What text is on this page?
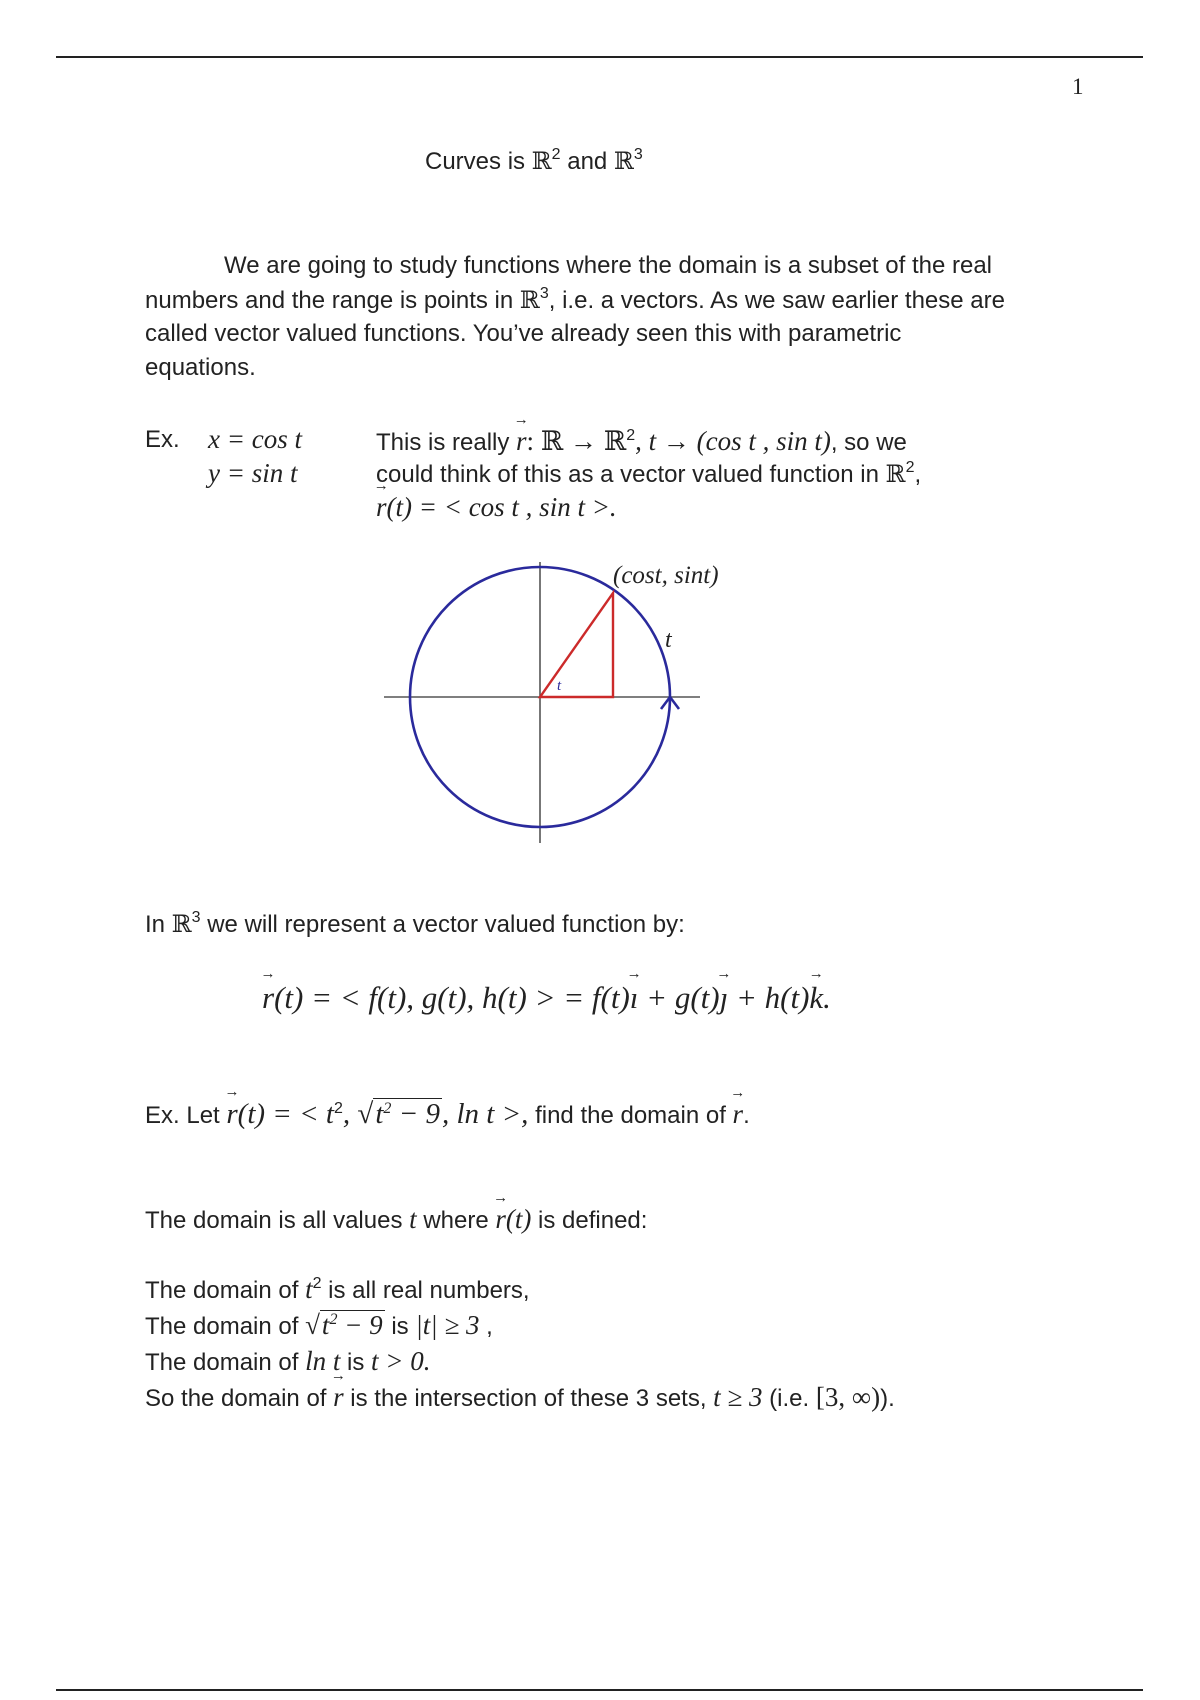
1
Curves is ℝ$^2$ and ℝ$^3$
We are going to study functions where the domain is a subset of the real
numbers and the range is points in ℝ$^3$, i.e. a vectors. As we saw earlier these are
called vector valued functions. You’ve already seen this with parametric
equations.
Ex. x = cos t
y = sin t
This is really → r: ℝ → ℝ$^2$, t → (cos t , sin t), so we
could think of this as a vector valued function in ℝ$^2$,
→ r(t) = < cos t , sin t >.
(cost, sint)
t
t
In ℝ$^3$ we will represent a vector valued function by:
→ r(t) = < f(t), g(t), h(t) > = f(t)→ ı + g(t)→ ȷ + h(t)→ k.
Ex. Let → r(t) = < $t^2$, $√t^2 - 9$, ln t >, find the domain of → r.
The domain is all values t where → r(t) is defined:
The domain of $t^2$ is all real numbers,
The domain of $√t^2 - 9$ is |t| ≥ 3 ,
The domain of ln t is t > 0.
So the domain of → r is the intersection of these 3 sets, t ≥ 3 (i.e. [3, ∞)).
